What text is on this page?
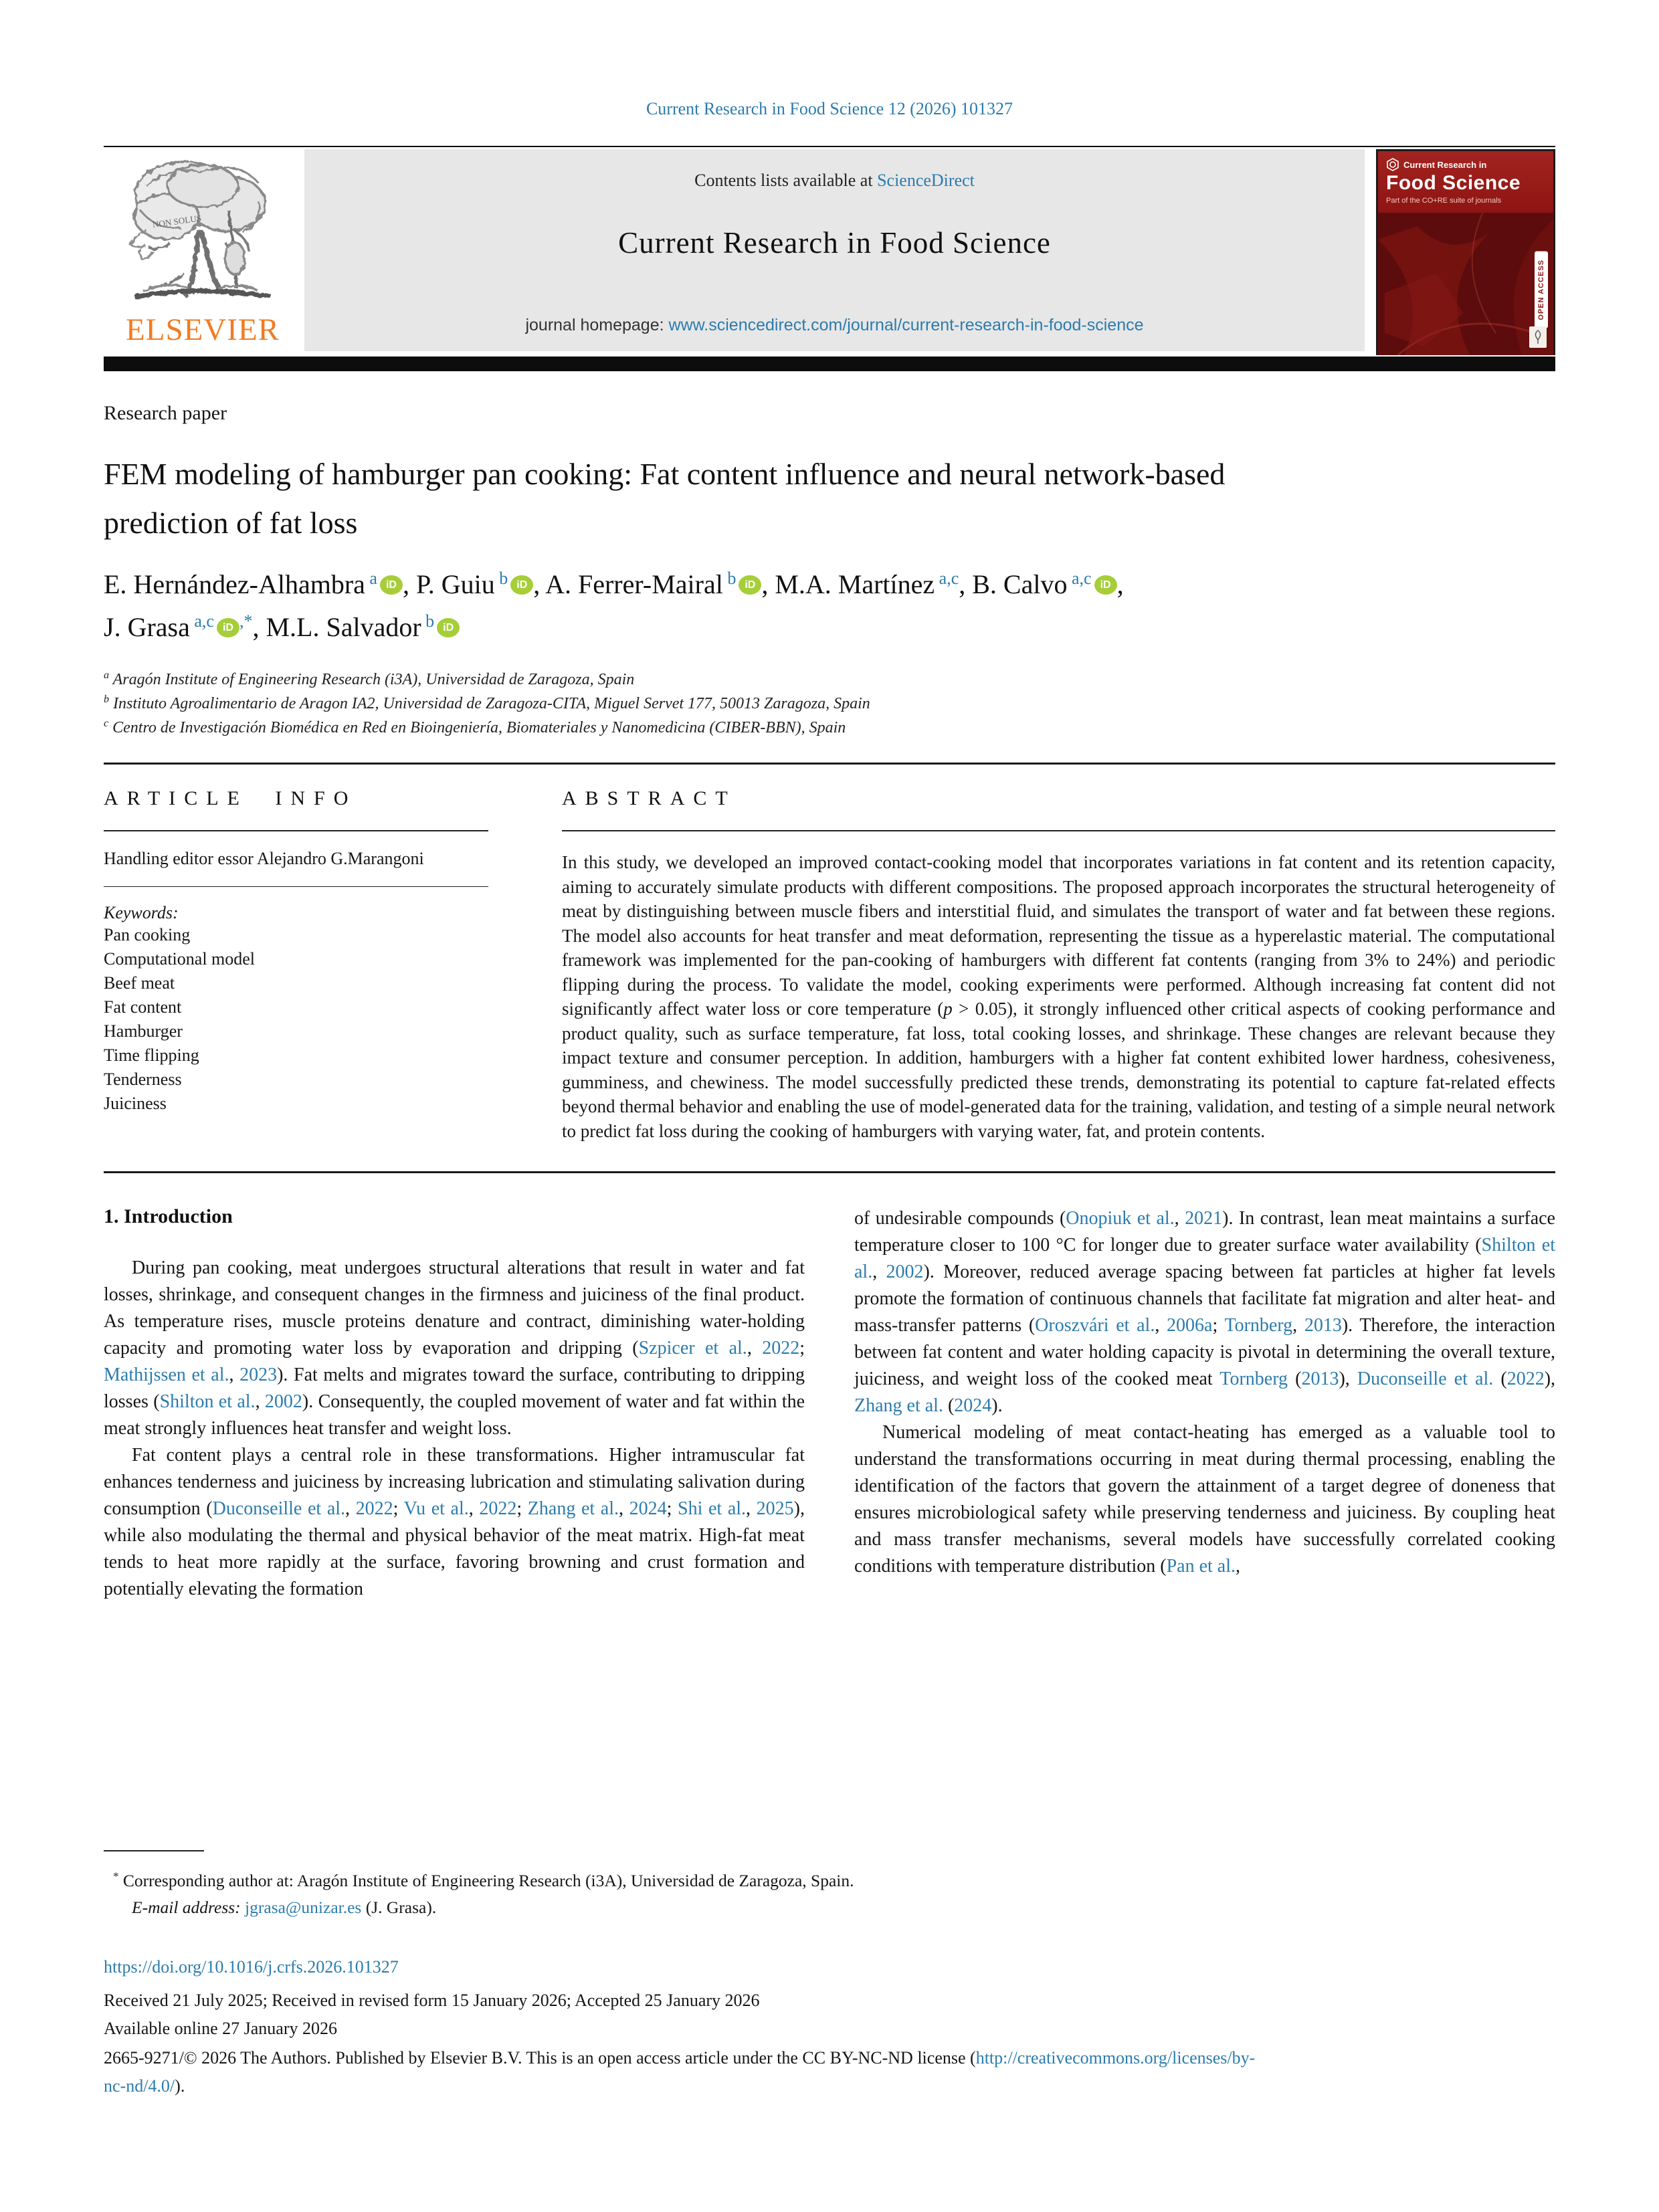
Current Research in Food Science 12 (2026) 101327
NON SOLUS
ELSEVIER
Contents lists available at ScienceDirect
Current Research in Food Science
journal homepage: www.sciencedirect.com/journal/current-research-in-food-science
Current Research in
Food Science
Part of the CO+RE suite of journals
OPEN ACCESS
Research paper
FEM modeling of hamburger pan cooking: Fat content influence and neural network-based prediction of fat loss
E. Hernández-Alhambra $^a$ iD , P. Guiu $^b$ iD , A. Ferrer-Mairal $^b$ iD , M.A. Martínez $^{a,c}$, B. Calvo $^{a,c}$ iD ,
J. Grasa $^{a,c}$ iD ,*, M.L. Salvador $^b$ iD
$^a$ Aragón Institute of Engineering Research (i3A), Universidad de Zaragoza, Spain
$^b$ Instituto Agroalimentario de Aragon IA2, Universidad de Zaragoza-CITA, Miguel Servet 177, 50013 Zaragoza, Spain
$^c$ Centro de Investigación Biomédica en Red en Bioingeniería, Biomateriales y Nanomedicina (CIBER-BBN), Spain
ARTICLE INFO
Handling editor essor Alejandro G.Marangoni
Keywords:
Pan cooking
Computational model
Beef meat
Fat content
Hamburger
Time flipping
Tenderness
Juiciness
ABSTRACT
In this study, we developed an improved contact-cooking model that incorporates variations in fat content and its retention capacity, aiming to accurately simulate products with different compositions. The proposed approach incorporates the structural heterogeneity of meat by distinguishing between muscle fibers and interstitial fluid, and simulates the transport of water and fat between these regions. The model also accounts for heat transfer and meat deformation, representing the tissue as a hyperelastic material. The computational framework was implemented for the pan-cooking of hamburgers with different fat contents (ranging from 3% to 24%) and periodic flipping during the process. To validate the model, cooking experiments were performed. Although increasing fat content did not significantly affect water loss or core temperature (p > 0.05), it strongly influenced other critical aspects of cooking performance and product quality, such as surface temperature, fat loss, total cooking losses, and shrinkage. These changes are relevant because they impact texture and consumer perception. In addition, hamburgers with a higher fat content exhibited lower hardness, cohesiveness, gumminess, and chewiness. The model successfully predicted these trends, demonstrating its potential to capture fat-related effects beyond thermal behavior and enabling the use of model-generated data for the training, validation, and testing of a simple neural network to predict fat loss during the cooking of hamburgers with varying water, fat, and protein contents.
1. Introduction

During pan cooking, meat undergoes structural alterations that result in water and fat losses, shrinkage, and consequent changes in the firmness and juiciness of the final product. As temperature rises, muscle proteins denature and contract, diminishing water-holding capacity and promoting water loss by evaporation and dripping (Szpicer et al., 2022; Mathijssen et al., 2023). Fat melts and migrates toward the surface, contributing to dripping losses (Shilton et al., 2002). Consequently, the coupled movement of water and fat within the meat strongly influences heat transfer and weight loss.

Fat content plays a central role in these transformations. Higher intramuscular fat enhances tenderness and juiciness by increasing lubrication and stimulating salivation during consumption (Duconseille et al., 2022; Vu et al., 2022; Zhang et al., 2024; Shi et al., 2025), while also modulating the thermal and physical behavior of the meat matrix. High-fat meat tends to heat more rapidly at the surface, favoring browning and crust formation and potentially elevating the formation

of undesirable compounds (Onopiuk et al., 2021). In contrast, lean meat maintains a surface temperature closer to 100 °C for longer due to greater surface water availability (Shilton et al., 2002). Moreover, reduced average spacing between fat particles at higher fat levels promote the formation of continuous channels that facilitate fat migration and alter heat- and mass-transfer patterns (Oroszvári et al., 2006a; Tornberg, 2013). Therefore, the interaction between fat content and water holding capacity is pivotal in determining the overall texture, juiciness, and weight loss of the cooked meat Tornberg (2013), Duconseille et al. (2022), Zhang et al. (2024).

Numerical modeling of meat contact-heating has emerged as a valuable tool to understand the transformations occurring in meat during thermal processing, enabling the identification of the factors that govern the attainment of a target degree of doneness that ensures microbiological safety while preserving tenderness and juiciness. By coupling heat and mass transfer mechanisms, several models have successfully correlated cooking conditions with temperature distribution (Pan et al.,

* Corresponding author at: Aragón Institute of Engineering Research (i3A), Universidad de Zaragoza, Spain.
E-mail address: jgrasa@unizar.es (J. Grasa).
https://doi.org/10.1016/j.crfs.2026.101327
Received 21 July 2025; Received in revised form 15 January 2026; Accepted 25 January 2026
Available online 27 January 2026
2665-9271/© 2026 The Authors. Published by Elsevier B.V. This is an open access article under the CC BY-NC-ND license (http://creativecommons.org/licenses/by-
nc-nd/4.0/).
